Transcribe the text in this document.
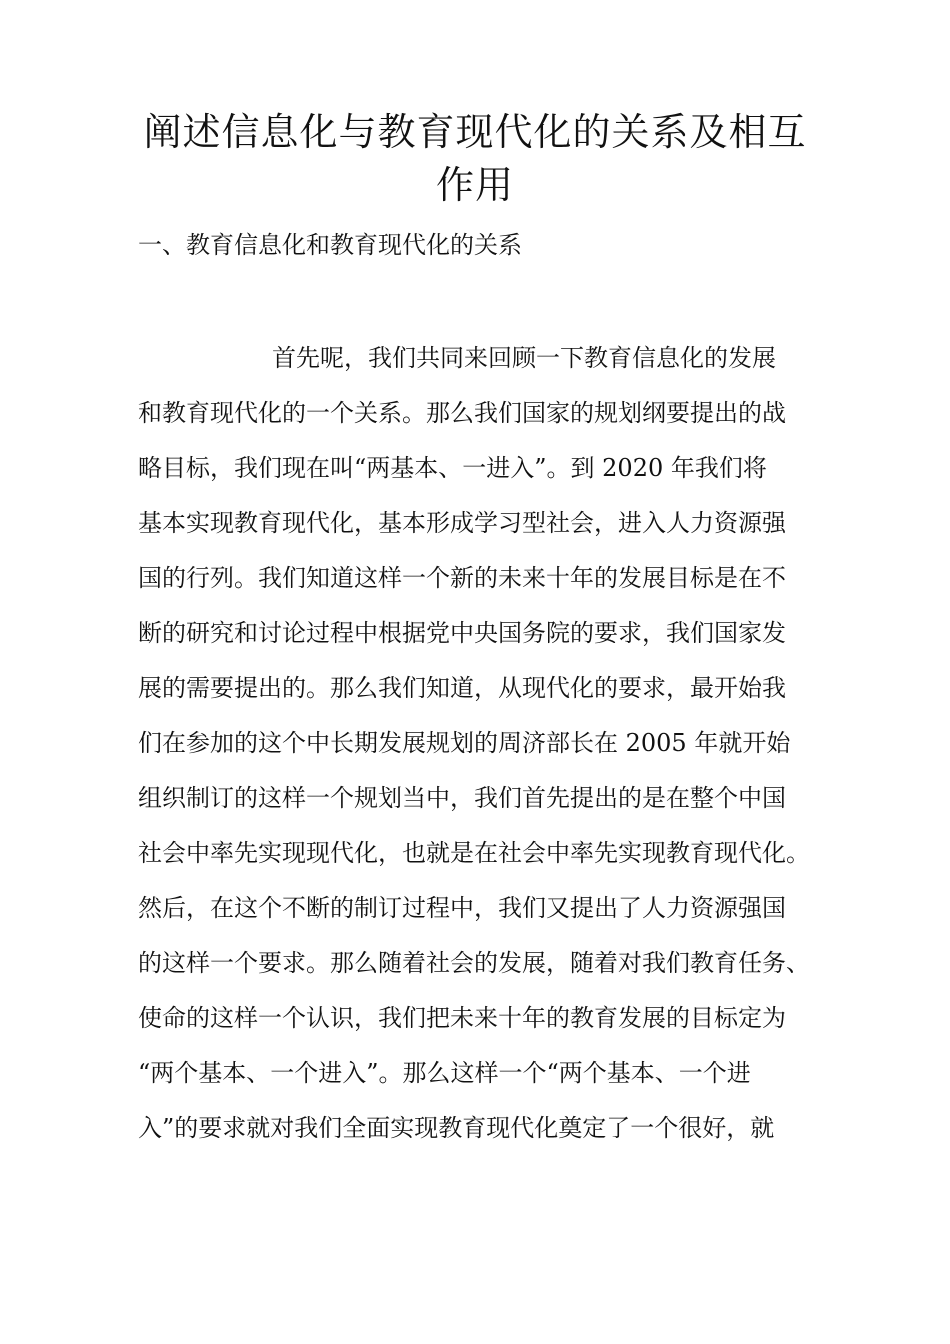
阐述信息化与教育现代化的关系及相互
作用
一、教育信息化和教育现代化的关系

首先呢，我们共同来回顾一下教育信息化的发展

和教育现代化的一个关系。那么我们国家的规划纲要提出的战

略目标，我们现在叫“两基本、一进入”。到 2020 年我们将

基本实现教育现代化，基本形成学习型社会，进入人力资源强

国的行列。我们知道这样一个新的未来十年的发展目标是在不

断的研究和讨论过程中根据党中央国务院的要求，我们国家发

展的需要提出的。那么我们知道，从现代化的要求，最开始我

们在参加的这个中长期发展规划的周济部长在 2005 年就开始

组织制订的这样一个规划当中，我们首先提出的是在整个中国

社会中率先实现现代化，也就是在社会中率先实现教育现代化。

然后，在这个不断的制订过程中，我们又提出了人力资源强国

的这样一个要求。那么随着社会的发展，随着对我们教育任务、

使命的这样一个认识，我们把未来十年的教育发展的目标定为

“两个基本、一个进入”。那么这样一个“两个基本、一个进

入”的要求就对我们全面实现教育现代化奠定了一个很好，就
